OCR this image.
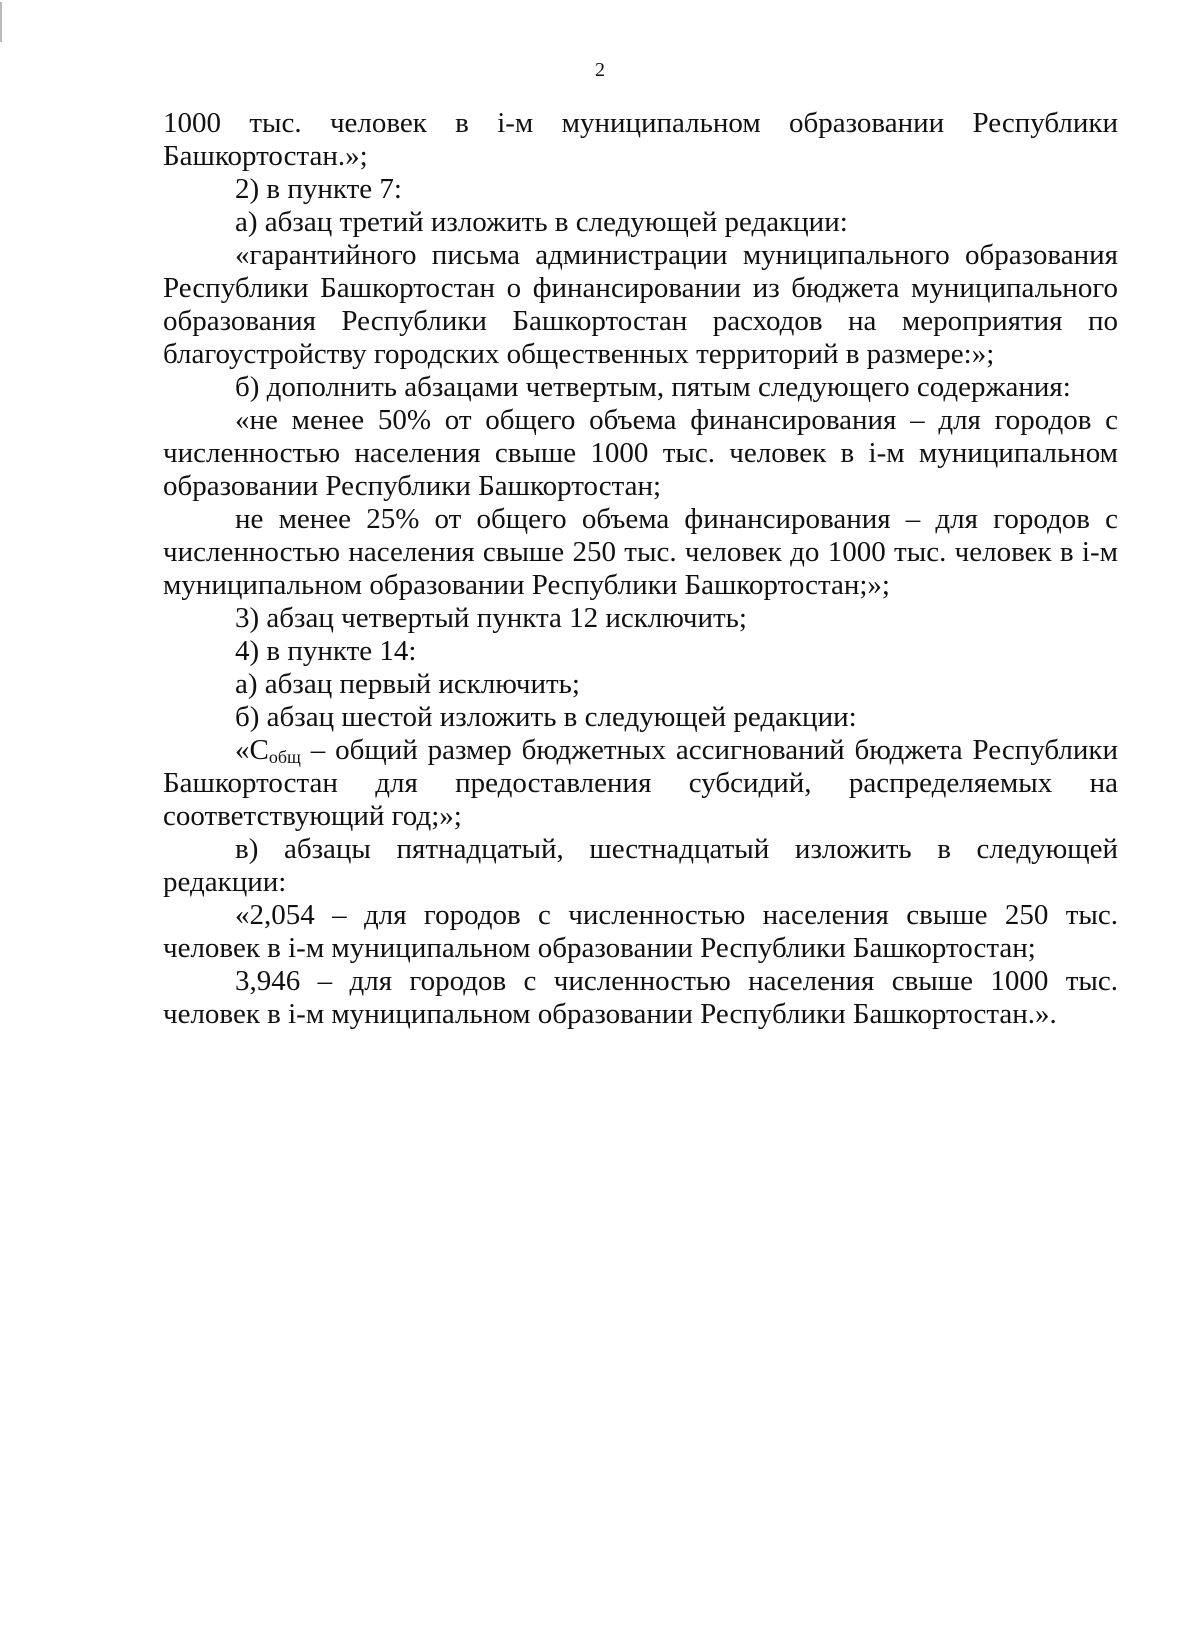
2

1000 тыс. человек в i-м муниципальном образовании Республики Башкортостан.»;

2) в пункте 7:

а) абзац третий изложить в следующей редакции:

«гарантийного письма администрации муниципального образования Республики Башкортостан о финансировании из бюджета муниципального образования Республики Башкортостан расходов на мероприятия по благоустройству городских общественных территорий в размере:»;

б) дополнить абзацами четвертым, пятым следующего содержания:

«не менее 50% от общего объема финансирования – для городов с численностью населения свыше 1000 тыс. человек в i-м муниципальном образовании Республики Башкортостан;

не менее 25% от общего объема финансирования – для городов с численностью населения свыше 250 тыс. человек до 1000 тыс. человек в i-м муниципальном образовании Республики Башкортостан;»;

3) абзац четвертый пункта 12 исключить;

4) в пункте 14:

а) абзац первый исключить;

б) абзац шестой изложить в следующей редакции:

«$С_{общ}$ – общий размер бюджетных ассигнований бюджета Республики Башкортостан для предоставления субсидий, распределяемых на соответствующий год;»;

в) абзацы пятнадцатый, шестнадцатый изложить в следующей редакции:

«2,054 – для городов с численностью населения свыше 250 тыс. человек в i-м муниципальном образовании Республики Башкортостан;

3,946 – для городов с численностью населения свыше 1000 тыс. человек в i-м муниципальном образовании Республики Башкортостан.».
